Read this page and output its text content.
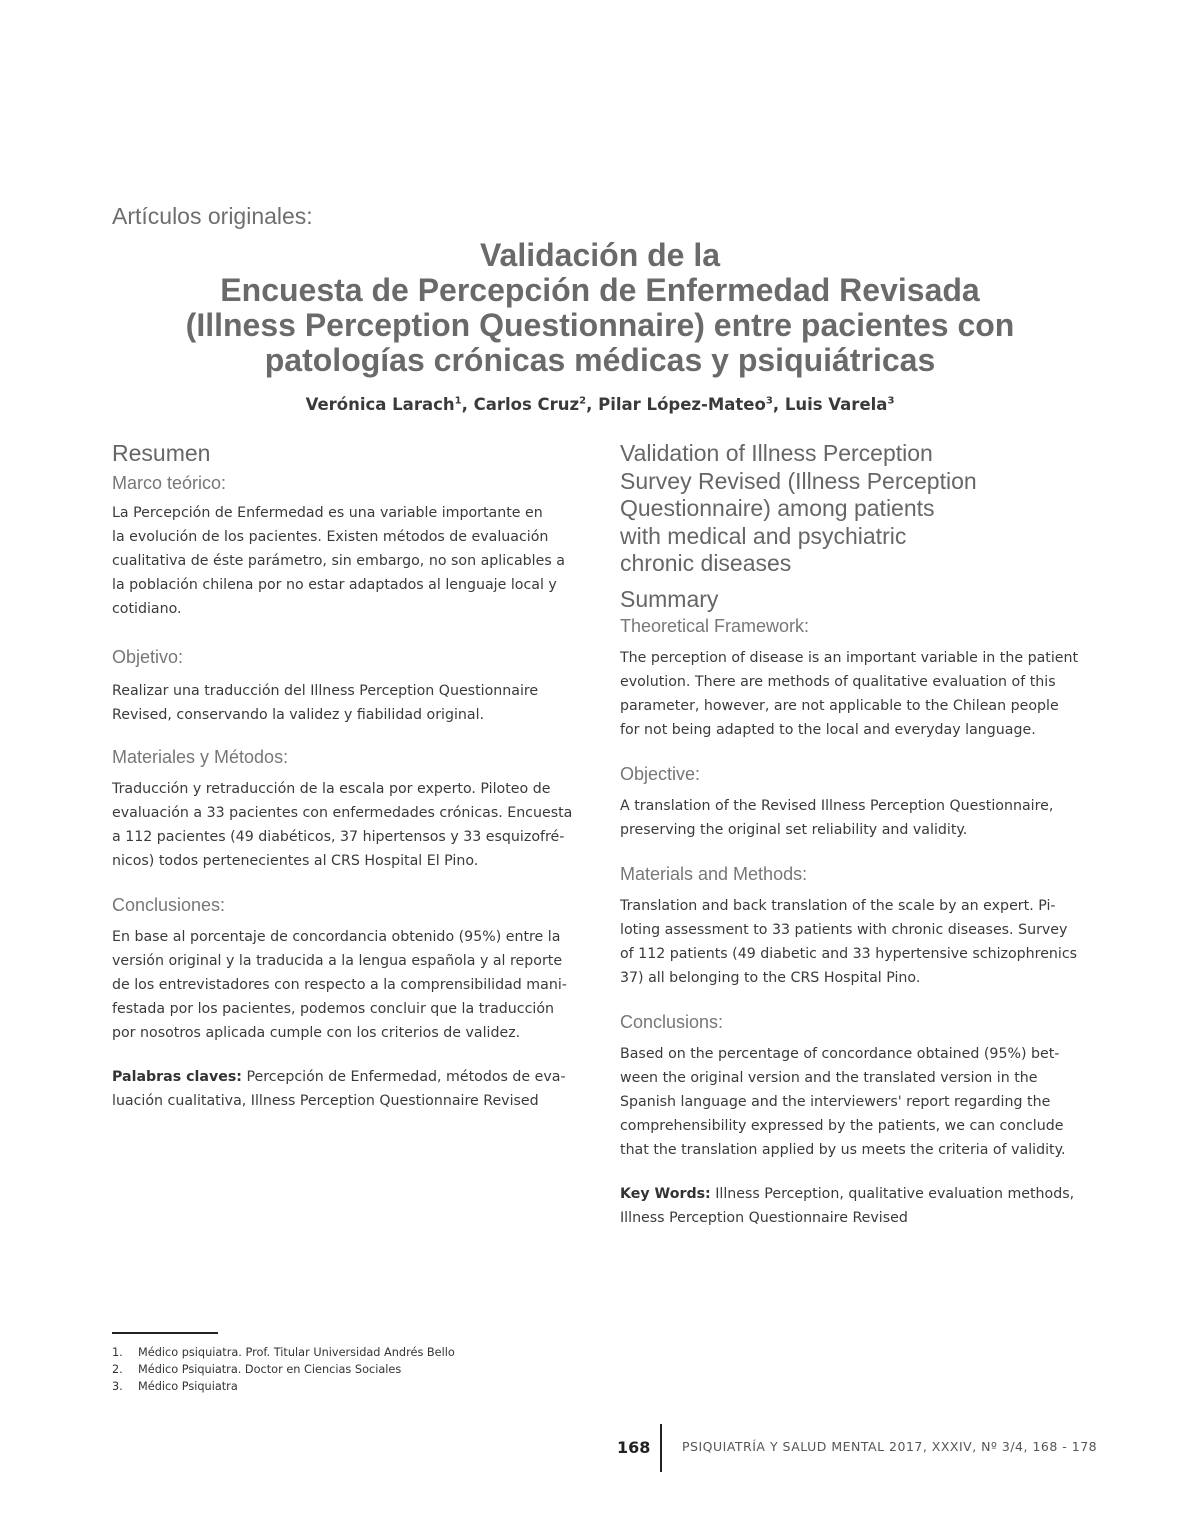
Artículos originales:
Validación de la
Encuesta de Percepción de Enfermedad Revisada
(Illness Perception Questionnaire) entre pacientes con
patologías crónicas médicas y psiquiátricas
Verónica Larach$^1$, Carlos Cruz$^2$, Pilar López-Mateo$^3$, Luis Varela$^3$
Resumen
Marco teórico:
La Percepción de Enfermedad es una variable importante en
la evolución de los pacientes. Existen métodos de evaluación
cualitativa de éste parámetro, sin embargo, no son aplicables a
la población chilena por no estar adaptados al lenguaje local y
cotidiano.
Objetivo:
Realizar una traducción del Illness Perception Questionnaire
Revised, conservando la validez y fiabilidad original.
Materiales y Métodos:
Traducción y retraducción de la escala por experto. Piloteo de
evaluación a 33 pacientes con enfermedades crónicas. Encuesta
a 112 pacientes (49 diabéticos, 37 hipertensos y 33 esquizofré-
nicos) todos pertenecientes al CRS Hospital El Pino.
Conclusiones:
En base al porcentaje de concordancia obtenido (95%) entre la
versión original y la traducida a la lengua española y al reporte
de los entrevistadores con respecto a la comprensibilidad mani-
festada por los pacientes, podemos concluir que la traducción
por nosotros aplicada cumple con los criterios de validez.
Palabras claves: Percepción de Enfermedad, métodos de eva-
luación cualitativa, Illness Perception Questionnaire Revised
Validation of Illness Perception
Survey Revised (Illness Perception
Questionnaire) among patients
with medical and psychiatric
chronic diseases
Summary
Theoretical Framework:
The perception of disease is an important variable in the patient
evolution. There are methods of qualitative evaluation of this
parameter, however, are not applicable to the Chilean people
for not being adapted to the local and everyday language.
Objective:
A translation of the Revised Illness Perception Questionnaire,
preserving the original set reliability and validity.
Materials and Methods:
Translation and back translation of the scale by an expert. Pi-
loting assessment to 33 patients with chronic diseases. Survey
of 112 patients (49 diabetic and 33 hypertensive schizophrenics
37) all belonging to the CRS Hospital Pino.
Conclusions:
Based on the percentage of concordance obtained (95%) bet-
ween the original version and the translated version in the
Spanish language and the interviewers' report regarding the
comprehensibility expressed by the patients, we can conclude
that the translation applied by us meets the criteria of validity.
Key Words: Illness Perception, qualitative evaluation methods,
Illness Perception Questionnaire Revised
1. Médico psiquiatra. Prof. Titular Universidad Andrés Bello
2. Médico Psiquiatra. Doctor en Ciencias Sociales
3. Médico Psiquiatra
168	PSIQUIATRÍA Y SALUD MENTAL 2017, XXXIV, Nº 3/4, 168 - 178
